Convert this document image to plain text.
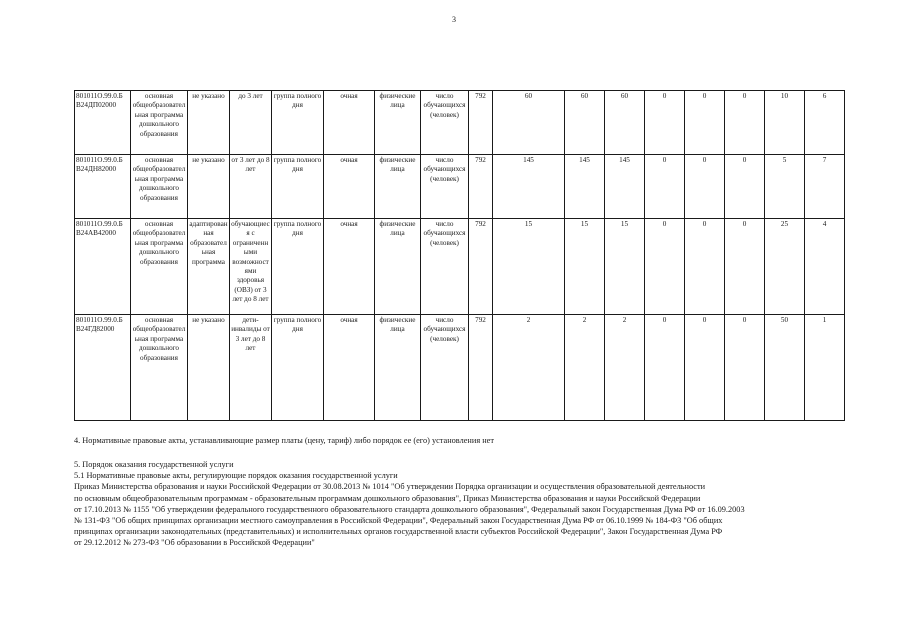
3
801011О.99.0.Б В24ДП02000	основная общеобразовательная программа дошкольного образования	не указано	до 3 лет	группа полного дня	очная	физические лица	число обучающихся (человек)	792	60	60	60	0	0	0	10	6
801011О.99.0.Б В24ДН82000	основная общеобразовательная программа дошкольного образования	не указано	от 3 лет до 8 лет	группа полного дня	очная	физические лица	число обучающихся (человек)	792	145	145	145	0	0	0	5	7
801011О.99.0.Б В24АВ42000	основная общеобразовательная программа дошкольного образования	адаптированная образовательная программа	обучающиеся с ограниченными возможностями здоровья (ОВЗ) от 3 лет до 8 лет	группа полного дня	очная	физические лица	число обучающихся (человек)	792	15	15	15	0	0	0	25	4
801011О.99.0.Б В24ГД82000	основная общеобразовательная программа дошкольного образования	не указано	дети-инвалиды от 3 лет до 8 лет	группа полного дня	очная	физические лица	число обучающихся (человек)	792	2	2	2	0	0	0	50	1
4. Нормативные правовые акты, устанавливающие размер платы (цену, тариф) либо порядок ее (его) установления нет
5. Порядок оказания государственной услуги
5.1 Нормативные правовые акты, регулирующие порядок оказания государственной услуги
Приказ Министерства образования и науки Российской Федерации от 30.08.2013 № 1014 "Об утверждении Порядка организации и осуществления образовательной деятельности
по основным общеобразовательным программам - образовательным программам дошкольного образования", Приказ Министерства образования и науки Российской Федерации
от 17.10.2013 № 1155 "Об утверждении федерального государственного образовательного стандарта дошкольного образования", Федеральный закон Государственная Дума РФ от 16.09.2003
№ 131-ФЗ "Об общих принципах организации местного самоуправления в Российской Федерации", Федеральный закон Государственная Дума РФ от 06.10.1999 № 184-ФЗ "Об общих
принципах организации законодательных (представительных) и исполнительных органов государственной власти субъектов Российской Федерации", Закон Государственная Дума РФ
от 29.12.2012 № 273-ФЗ "Об образовании в Российской Федерации"
